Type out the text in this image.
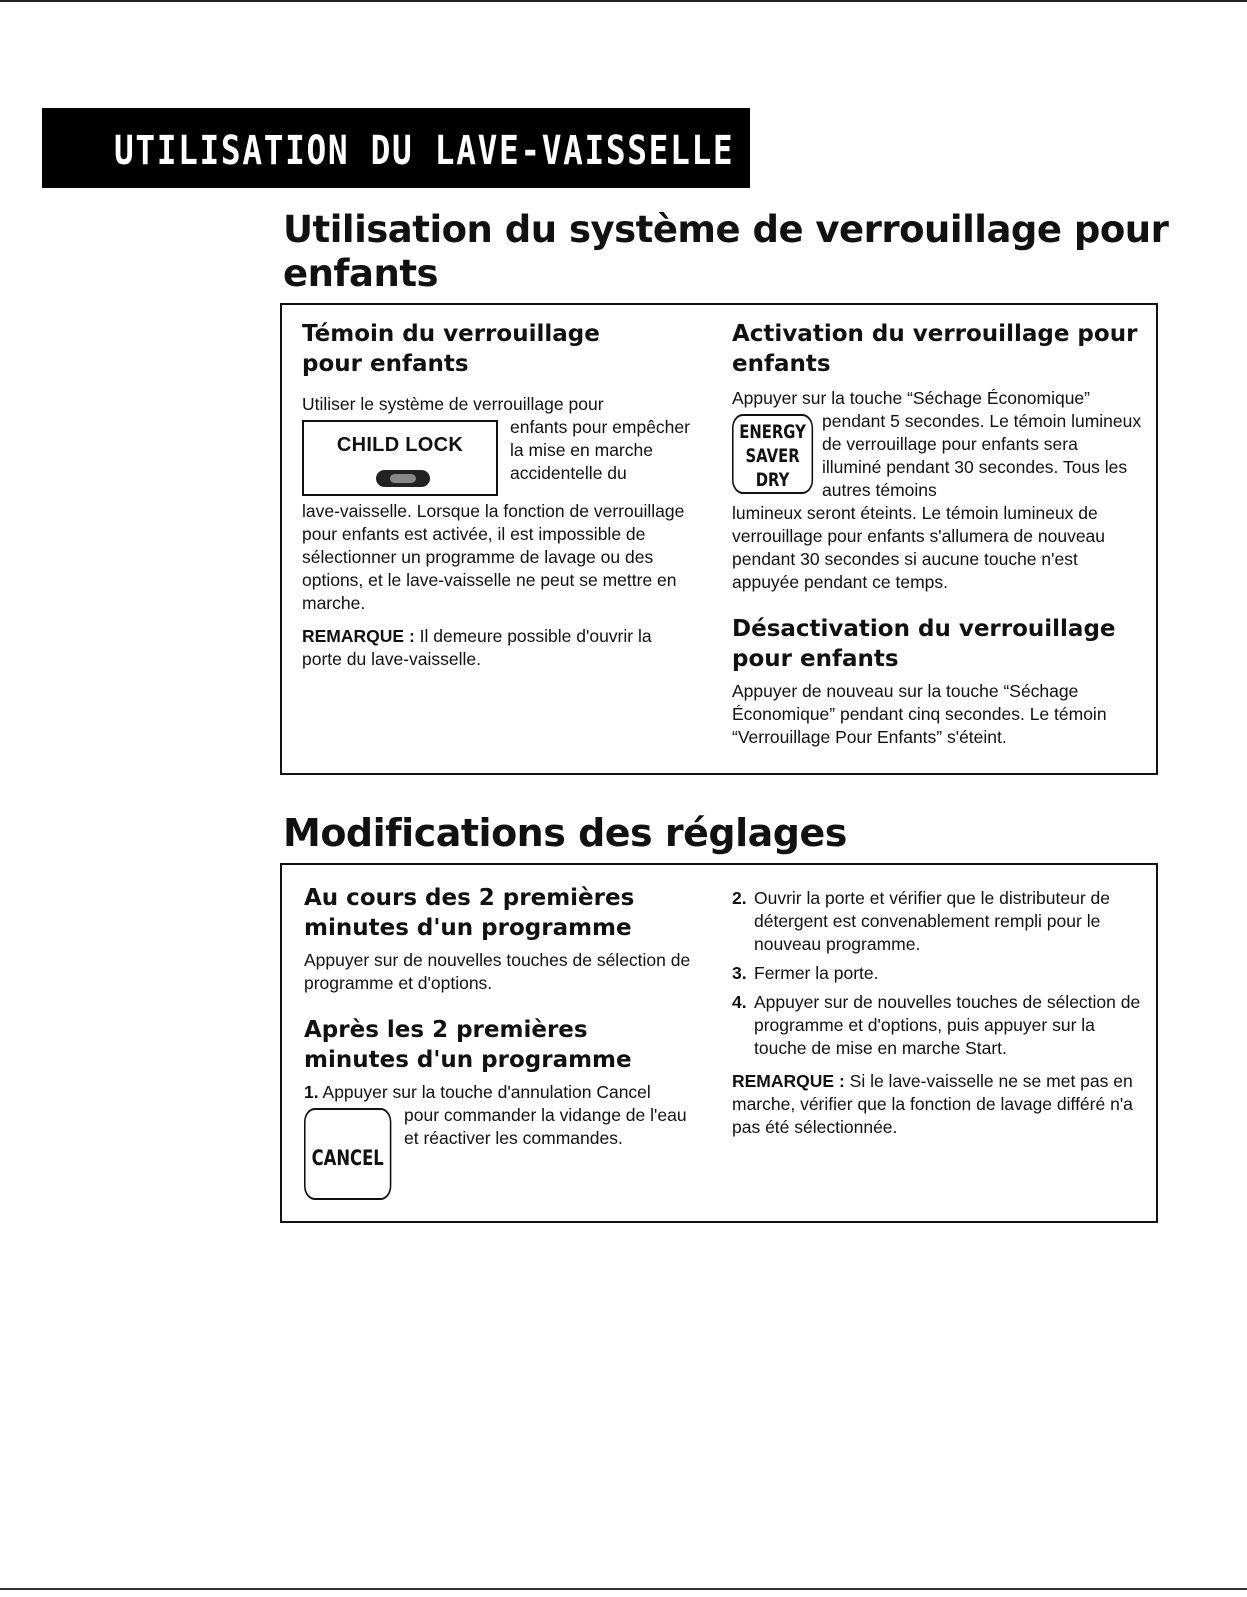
UTILISATION DU LAVE-VAISSELLE
Utilisation du système de verrouillage pour enfants
Témoin du verrouillage pour enfants

Utiliser le système de verrouillage pour

CHILD LOCK

enfants pour empêcher la mise en marche accidentelle du

lave-vaisselle. Lorsque la fonction de verrouillage pour enfants est activée, il est impossible de sélectionner un programme de lavage ou des options, et le lave-vaisselle ne peut se mettre en marche.

REMARQUE : Il demeure possible d'ouvrir la porte du lave-vaisselle.

Activation du verrouillage pour enfants

Appuyer sur la touche “Séchage Économique”

ENERGY
SAVER
DRY

pendant 5 secondes. Le témoin lumineux de verrouillage pour enfants sera illuminé pendant 30 secondes. Tous les autres témoins

lumineux seront éteints. Le témoin lumineux de verrouillage pour enfants s'allumera de nouveau pendant 30 secondes si aucune touche n'est appuyée pendant ce temps.

Désactivation du verrouillage pour enfants

Appuyer de nouveau sur la touche “Séchage Économique” pendant cinq secondes. Le témoin “Verrouillage Pour Enfants” s'éteint.

Modifications des réglages
Au cours des 2 premières minutes d'un programme

Appuyer sur de nouvelles touches de sélection de programme et d'options.

Après les 2 premières minutes d'un programme

1. Appuyer sur la touche d'annulation Cancel

CANCEL

pour commander la vidange de l'eau et réactiver les commandes.

2. Ouvrir la porte et vérifier que le distributeur de détergent est convenablement rempli pour le nouveau programme.
3. Fermer la porte.
4. Appuyer sur de nouvelles touches de sélection de programme et d'options, puis appuyer sur la touche de mise en marche Start.

REMARQUE : Si le lave-vaisselle ne se met pas en marche, vérifier que la fonction de lavage différé n'a pas été sélectionnée.
